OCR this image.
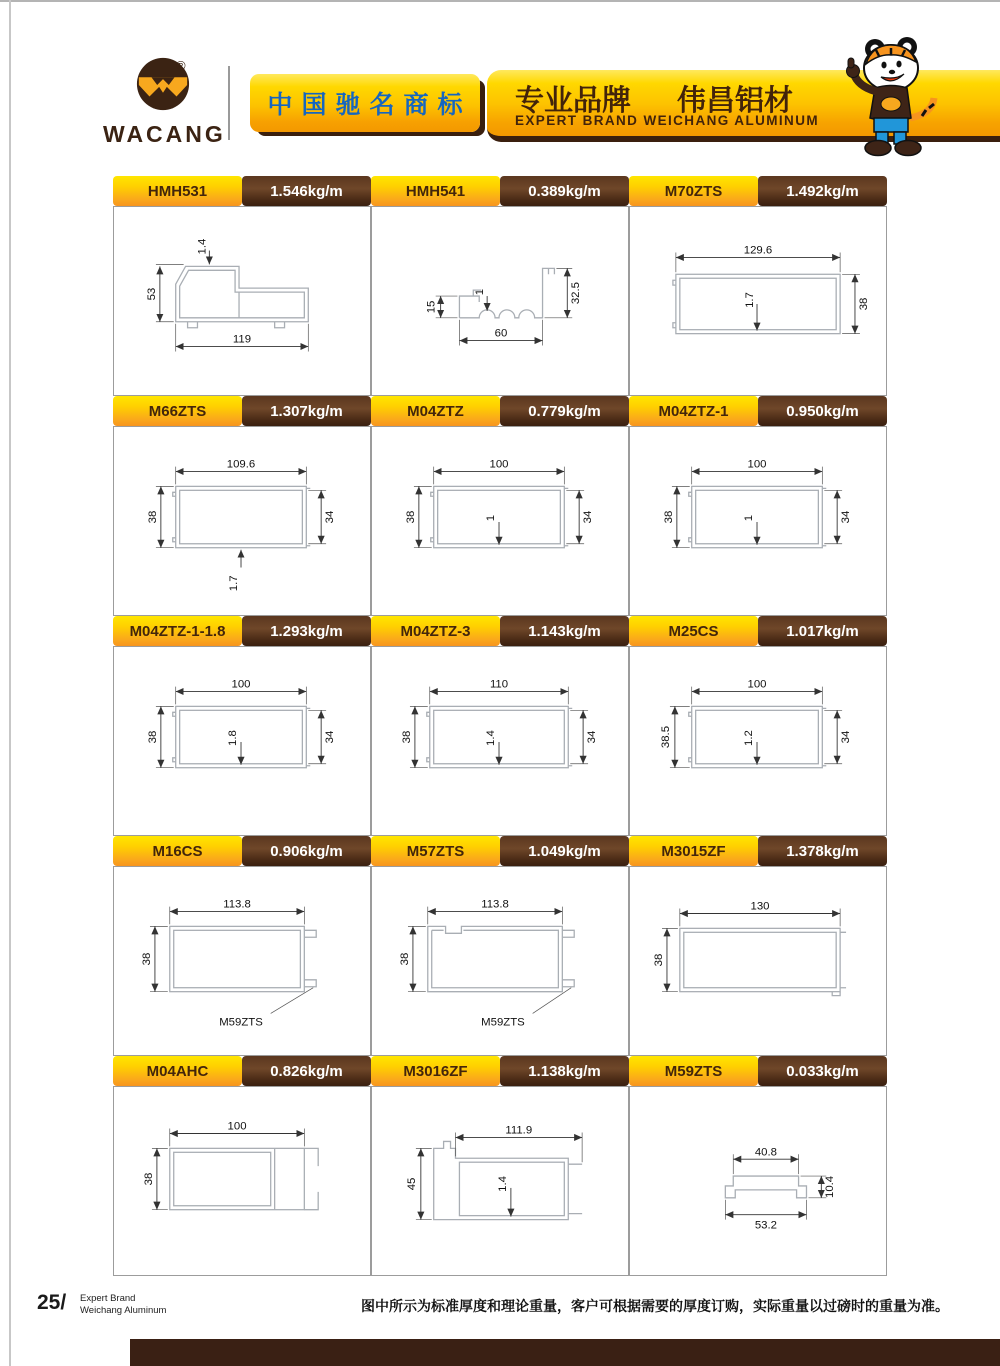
WACANG
®
中国驰名商标 专业品牌 伟昌铝材
EXPERT BRAND WEICHANG ALUMINUM
HMH531	1.546kg/m
1.4
53
119
HMH541	0.389kg/m
15
1	32.5
60
M70ZTS	1.492kg/m
129.6
1.7	38
M66ZTS	1.307kg/m
109.6
38	34
1.7
M04ZTZ	0.779kg/m
100
38	34
1
M04ZTZ-1	0.950kg/m
100
38	34
1
M04ZTZ-1-1.8	1.293kg/m
100
38	34
1.8
M04ZTZ-3	1.143kg/m
110
38	34
1.4
M25CS	1.017kg/m
100
38.5	34
1.2
M16CS	0.906kg/m
M59ZTS
113.8
38
M57ZTS	1.049kg/m
M59ZTS
113.8
38
M3015ZF	1.378kg/m
130
38
M04AHC	0.826kg/m
100
38
M3016ZF	1.138kg/m
111.9
45	1.4
M59ZTS	0.033kg/m
40.8
10.4
53.2
25/ Expert Brand
Weichang Aluminum	图中所示为标准厚度和理论重量，客户可根据需要的厚度订购，实际重量以过磅时的重量为准。
